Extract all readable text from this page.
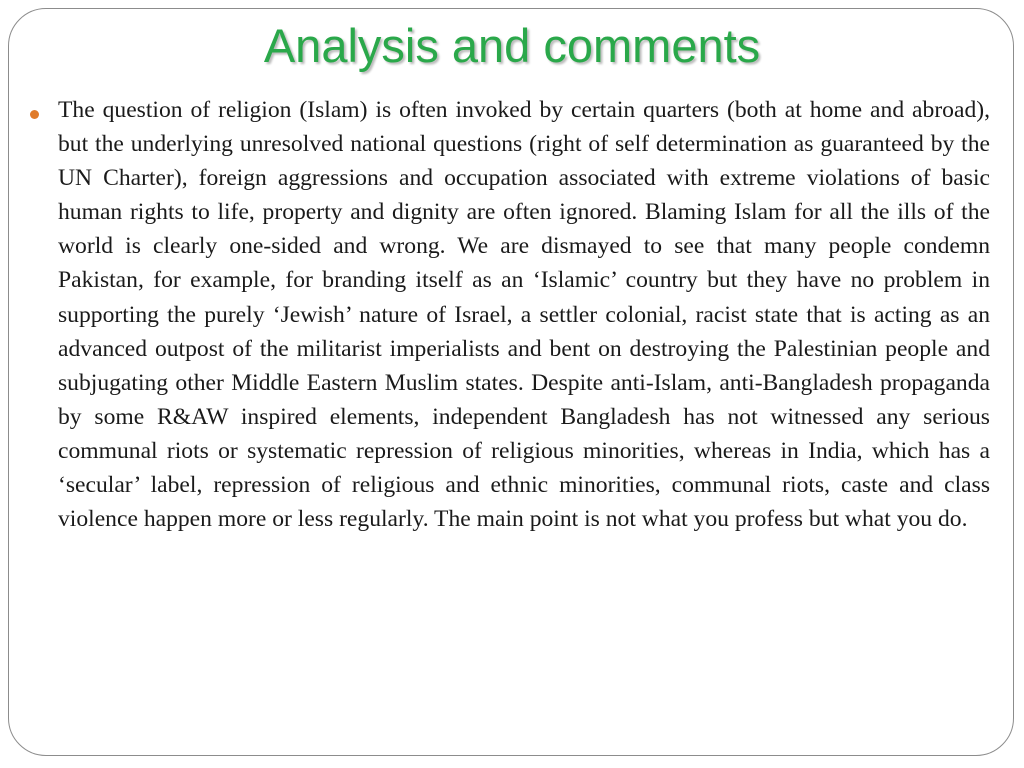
Analysis and comments

The question of religion (Islam) is often invoked by certain quarters (both at home and abroad), but the underlying unresolved national questions (right of self determination as guaranteed by the UN Charter), foreign aggressions and occupation associated with extreme violations of basic human rights to life, property and dignity are often ignored. Blaming Islam for all the ills of the world is clearly one-sided and wrong. We are dismayed to see that many people condemn Pakistan, for example, for branding itself as an ‘Islamic’ country but they have no problem in supporting the purely ‘Jewish’ nature of Israel, a settler colonial, racist state that is acting as an advanced outpost of the militarist imperialists and bent on destroying the Palestinian people and subjugating other Middle Eastern Muslim states. Despite anti-Islam, anti-Bangladesh propaganda by some R&AW inspired elements, independent Bangladesh has not witnessed any serious communal riots or systematic repression of religious minorities, whereas in India, which has a ‘secular’ label, repression of religious and ethnic minorities, communal riots, caste and class violence happen more or less regularly. The main point is not what you profess but what you do.
